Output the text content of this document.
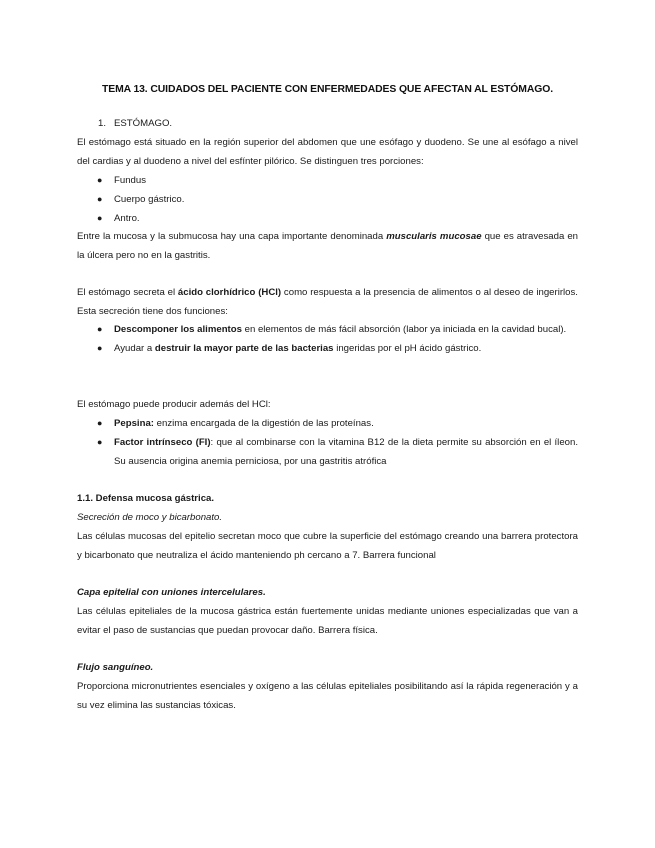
TEMA 13. CUIDADOS DEL PACIENTE CON ENFERMEDADES QUE AFECTAN AL ESTÓMAGO.
1. ESTÓMAGO.
El estómago está situado en la región superior del abdomen que une esófago y duodeno. Se une al esófago a nivel del cardias y al duodeno a nivel del esfínter pilórico. Se distinguen tres porciones:
● Fundus
● Cuerpo gástrico.
● Antro.
Entre la mucosa y la submucosa hay una capa importante denominada muscularis mucosae que es atravesada en la úlcera pero no en la gastritis.
El estómago secreta el ácido clorhídrico (HCl) como respuesta a la presencia de alimentos o al deseo de ingerirlos. Esta secreción tiene dos funciones:
● Descomponer los alimentos en elementos de más fácil absorción (labor ya iniciada en la cavidad bucal).
● Ayudar a destruir la mayor parte de las bacterias ingeridas por el pH ácido gástrico.
El estómago puede producir además del HCl:
● Pepsina: enzima encargada de la digestión de las proteínas.
● Factor intrínseco (FI): que al combinarse con la vitamina B12 de la dieta permite su absorción en el íleon. Su ausencia origina anemia perniciosa, por una gastritis atrófica
1.1. Defensa mucosa gástrica.
Secreción de moco y bicarbonato.
Las células mucosas del epitelio secretan moco que cubre la superficie del estómago creando una barrera protectora y bicarbonato que neutraliza el ácido manteniendo ph cercano a 7. Barrera funcional
Capa epitelial con uniones intercelulares.
Las células epiteliales de la mucosa gástrica están fuertemente unidas mediante uniones especializadas que van a evitar el paso de sustancias que puedan provocar daño. Barrera física.
Flujo sanguíneo.
Proporciona micronutrientes esenciales y oxígeno a las células epiteliales posibilitando así la rápida regeneración y a su vez elimina las sustancias tóxicas.
